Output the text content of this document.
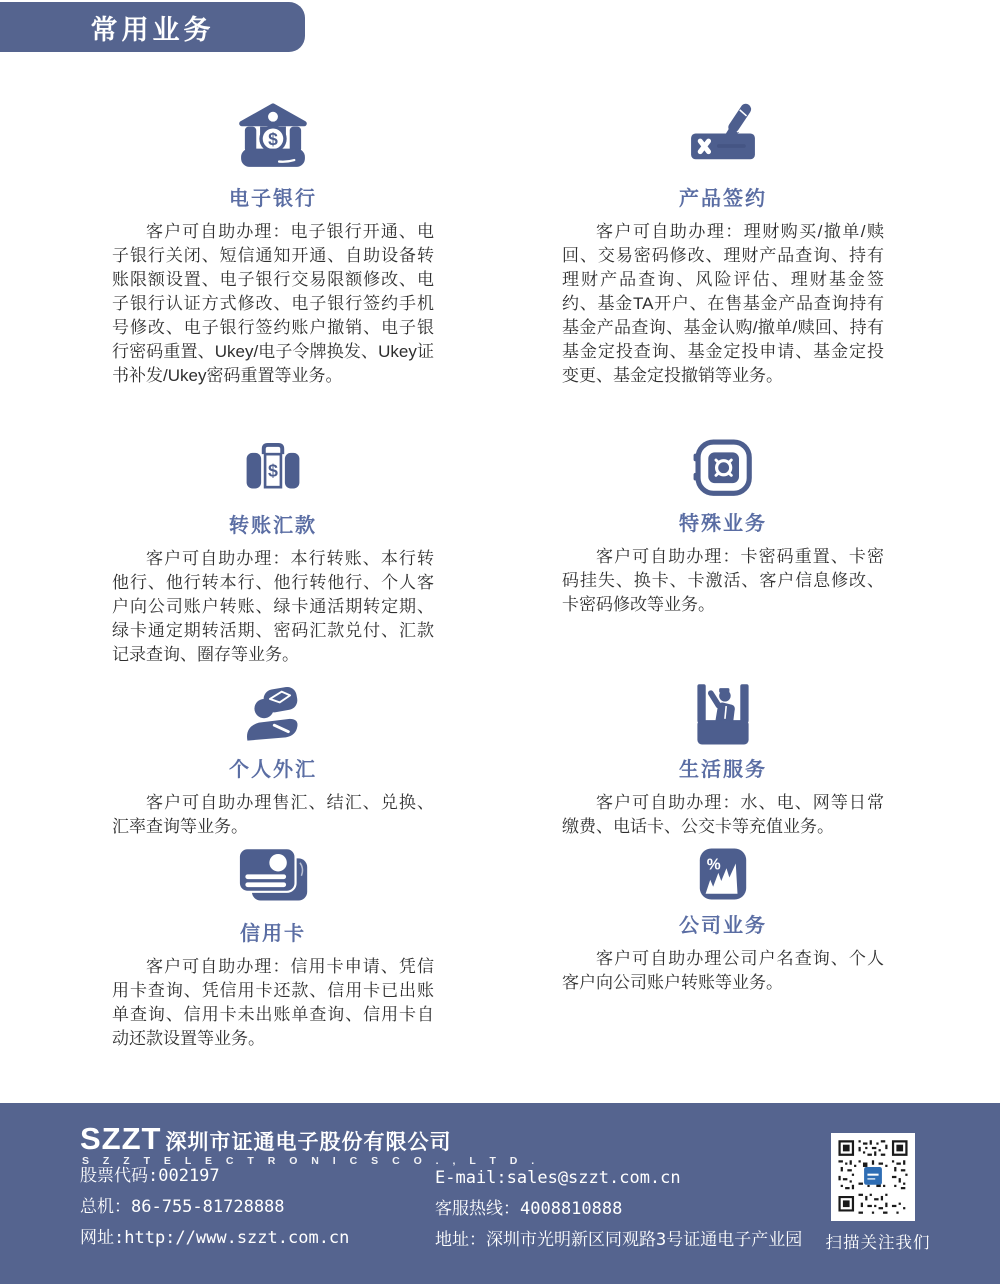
常用业务
$
电子银行
客户可自助办理：电子银行开通、电子银行关闭、短信通知开通、自助设备转账限额设置、电子银行交易限额修改、电子银行认证方式修改、电子银行签约手机号修改、电子银行签约账户撤销、电子银行密码重置、Ukey/电子令牌换发、Ukey证书补发/Ukey密码重置等业务。
产品签约
客户可自助办理：理财购买/撤单/赎回、交易密码修改、理财产品查询、持有理财产品查询、风险评估、理财基金签约、基金TA开户、在售基金产品查询持有基金产品查询、基金认购/撤单/赎回、持有基金定投查询、基金定投申请、基金定投变更、基金定投撤销等业务。
$
转账汇款
客户可自助办理：本行转账、本行转他行、他行转本行、他行转他行、个人客户向公司账户转账、绿卡通活期转定期、绿卡通定期转活期、密码汇款兑付、汇款记录查询、圈存等业务。
特殊业务
客户可自助办理：卡密码重置、卡密码挂失、换卡、卡激活、客户信息修改、卡密码修改等业务。
个人外汇
客户可自助办理售汇、结汇、兑换、汇率查询等业务。
生活服务
客户可自助办理：水、电、网等日常缴费、电话卡、公交卡等充值业务。
信用卡
客户可自助办理：信用卡申请、凭信用卡查询、凭信用卡还款、信用卡已出账单查询、信用卡未出账单查询、信用卡自动还款设置等业务。
%
公司业务
客户可自助办理公司户名查询、个人客户向公司账户转账等业务。
SZZT 深圳市证通电子股份有限公司
S Z Z T E L E C T R O N I C S C O . , L T D .
股票代码:002197
总机：86-755-81728888
网址:http://www.szzt.com.cn
E-mail:sales@szzt.com.cn
客服热线：4008810888
地址：深圳市光明新区同观路3号证通电子产业园 扫描关注我们
